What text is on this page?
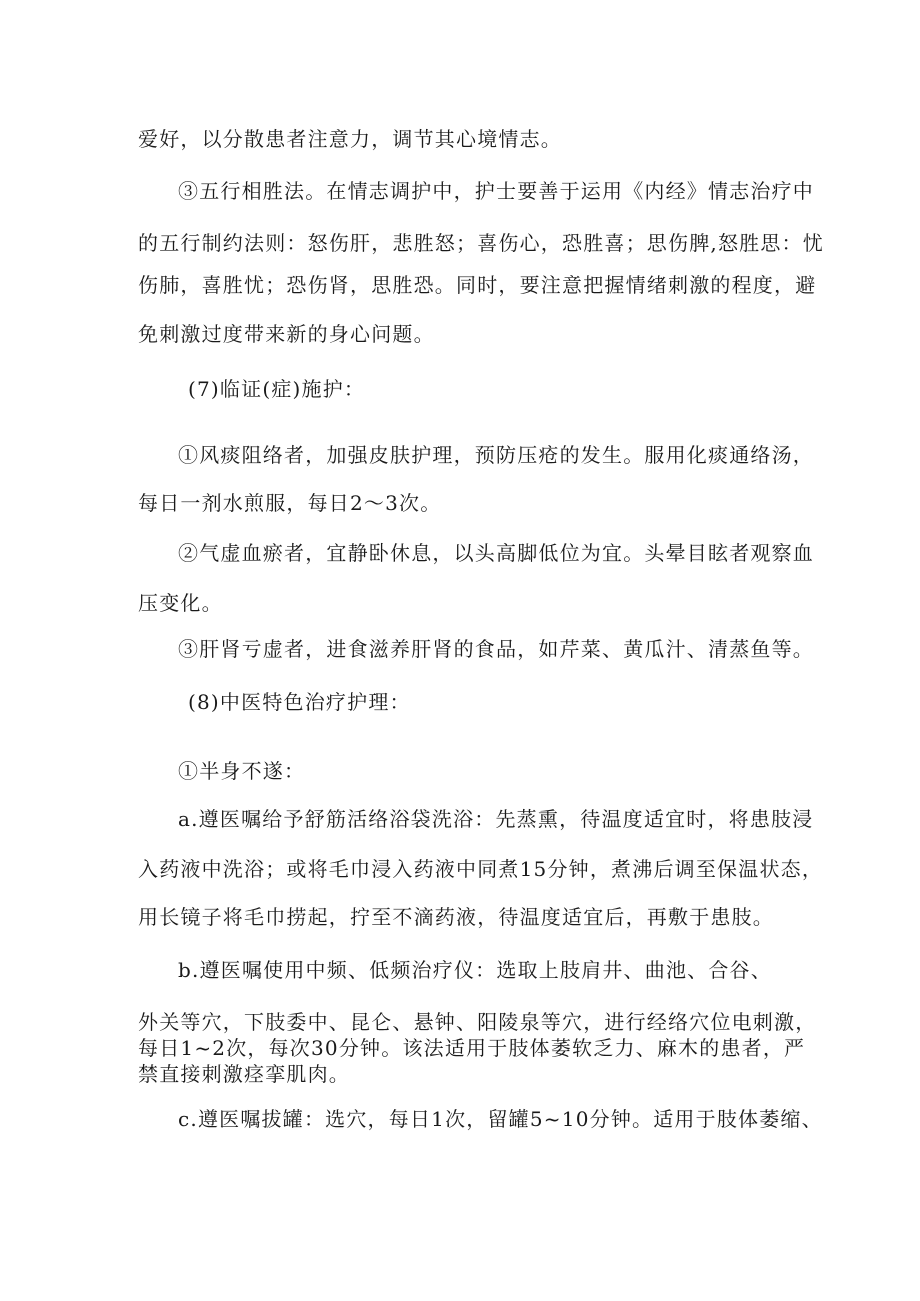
爱好，以分散患者注意力，调节其心境情志。
③五行相胜法。在情志调护中，护士要善于运用《内经》情志治疗中
的五行制约法则：怒伤肝，悲胜怒；喜伤心，恐胜喜；思伤脾,怒胜思：忧
伤肺，喜胜忧；恐伤肾，思胜恐。同时，要注意把握情绪刺激的程度，避
免刺激过度带来新的身心问题。
(7)临证(症)施护：
①风痰阻络者，加强皮肤护理，预防压疮的发生。服用化痰通络汤，
每日一剂水煎服，每日2～3次。
②气虚血瘀者，宜静卧休息，以头高脚低位为宜。头晕目眩者观察血
压变化。
③肝肾亏虚者，进食滋养肝肾的食品，如芹菜、黄瓜汁、清蒸鱼等。
(8)中医特色治疗护理：
①半身不遂：
a.遵医嘱给予舒筋活络浴袋洗浴：先蒸熏，待温度适宜时，将患肢浸
入药液中洗浴；或将毛巾浸入药液中同煮15分钟，煮沸后调至保温状态，
用长镜子将毛巾捞起，拧至不滴药液，待温度适宜后，再敷于患肢。
b.遵医嘱使用中频、低频治疗仪：选取上肢肩井、曲池、合谷、
外关等穴，下肢委中、昆仑、悬钟、阳陵泉等穴，进行经络穴位电刺激，
每日1~2次，每次30分钟。该法适用于肢体萎软乏力、麻木的患者，严
禁直接刺激痉挛肌肉。
c.遵医嘱拔罐：选穴，每日1次，留罐5~10分钟。适用于肢体萎缩、
